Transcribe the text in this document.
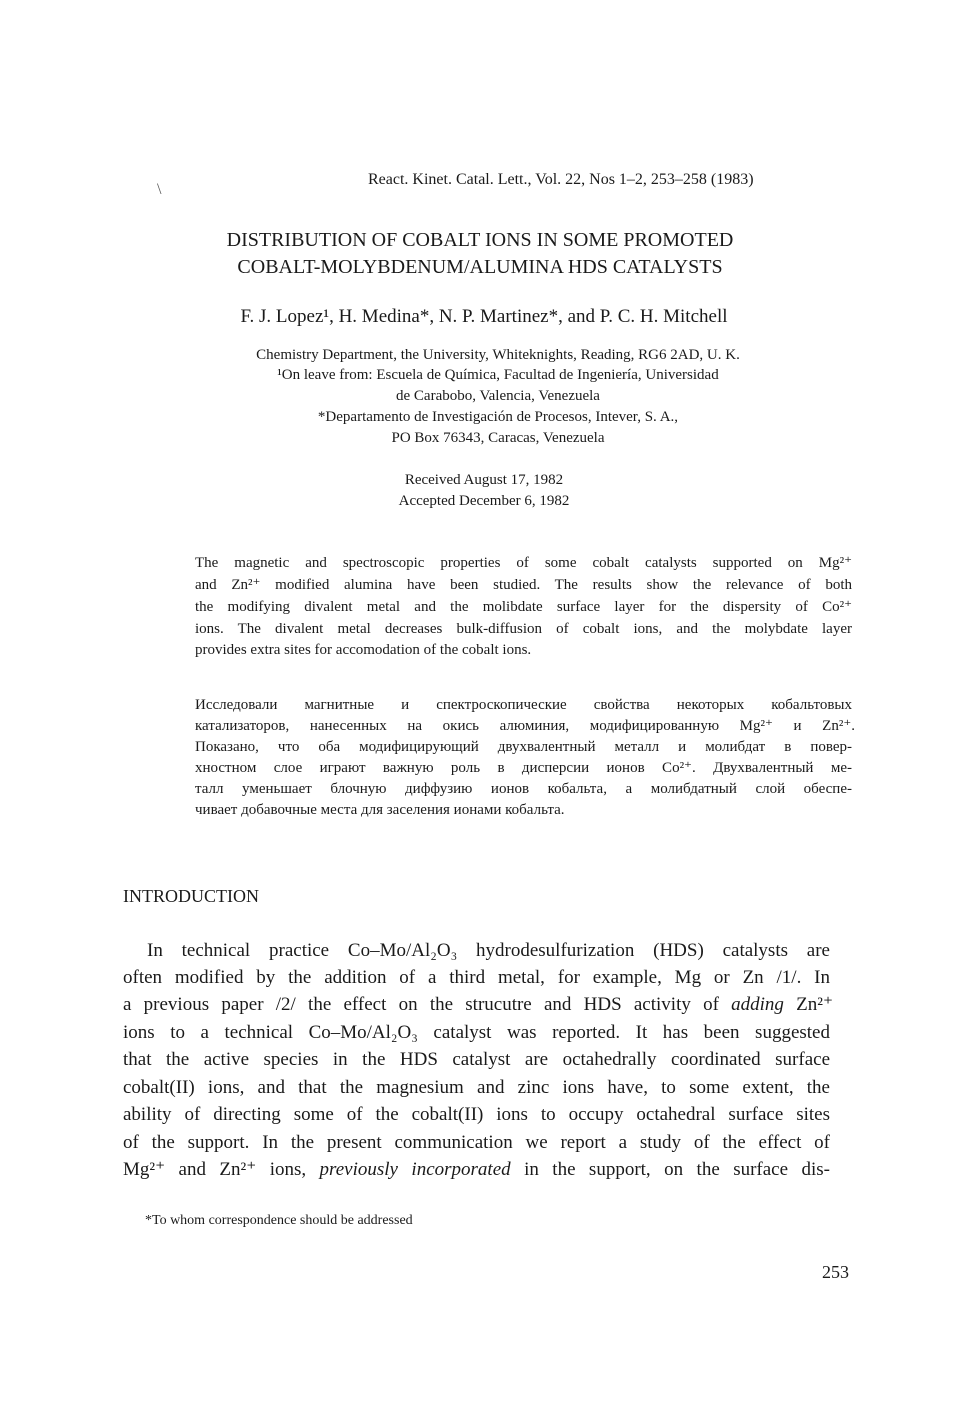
\
React. Kinet. Catal. Lett., Vol. 22, Nos 1–2, 253–258 (1983)
DISTRIBUTION OF COBALT IONS IN SOME PROMOTED
COBALT-MOLYBDENUM/ALUMINA HDS CATALYSTS
F. J. Lopez¹, H. Medina*, N. P. Martinez*, and P. C. H. Mitchell
Chemistry Department, the University, Whiteknights, Reading, RG6 2AD, U. K.
¹On leave from: Escuela de Química, Facultad de Ingeniería, Universidad
de Carabobo, Valencia, Venezuela
*Departamento de Investigación de Procesos, Intever, S. A.,
PO Box 76343, Caracas, Venezuela
Received August 17, 1982
Accepted December 6, 1982
The magnetic and spectroscopic properties of some cobalt catalysts supported on Mg²⁺
and Zn²⁺ modified alumina have been studied. The results show the relevance of both
the modifying divalent metal and the molibdate surface layer for the dispersity of Co²⁺
ions. The divalent metal decreases bulk-diffusion of cobalt ions, and the molybdate layer
provides extra sites for accomodation of the cobalt ions.
Исследовали магнитные и спектроскопические свойства некоторых кобальтовых
катализаторов, нанесенных на окись алюминия, модифицированную Mg²⁺ и Zn²⁺.
Показано, что оба модифицирующий двухвалентный металл и молибдат в повер-
хностном слое играют важную роль в дисперсии ионов Co²⁺. Двухвалентный ме-
талл уменьшает блочную диффузию ионов кобальта, а молибдатный слой обеспе-
чивает добавочные места для заселения ионами кобальта.
INTRODUCTION
In technical practice Co–Mo/Al₂O₃ hydrodesulfurization (HDS) catalysts are
often modified by the addition of a third metal, for example, Mg or Zn /1/. In
a previous paper /2/ the effect on the strucutre and HDS activity of adding Zn²⁺
ions to a technical Co–Mo/Al₂O₃ catalyst was reported. It has been suggested
that the active species in the HDS catalyst are octahedrally coordinated surface
cobalt(II) ions, and that the magnesium and zinc ions have, to some extent, the
ability of directing some of the cobalt(II) ions to occupy octahedral surface sites
of the support. In the present communication we report a study of the effect of
Mg²⁺ and Zn²⁺ ions, previously incorporated in the support, on the surface dis-
*To whom correspondence should be addressed
253
